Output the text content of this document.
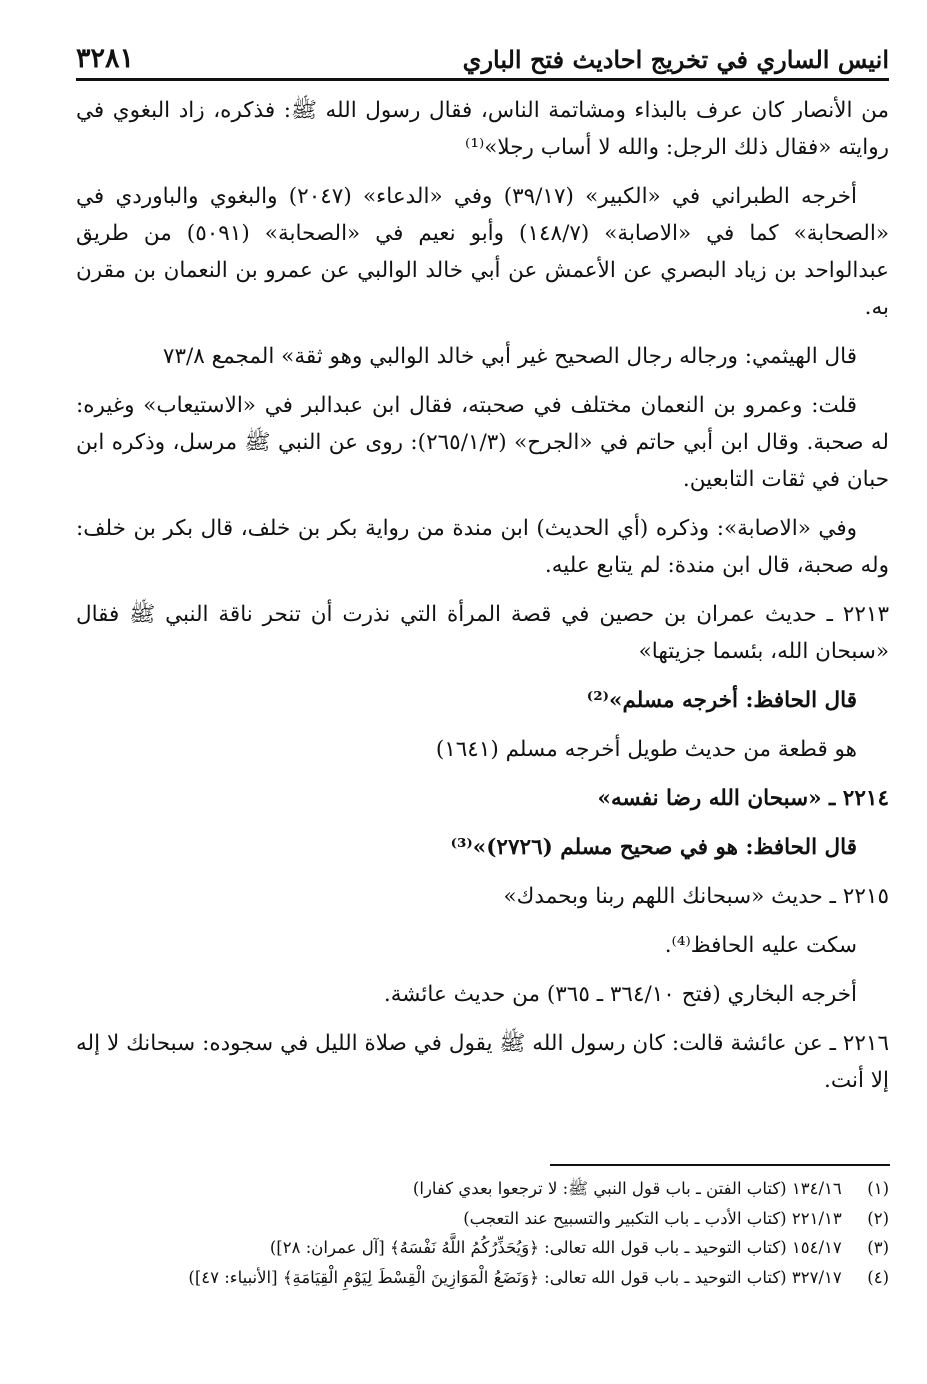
انيس الساري في تخريج احاديث فتح الباري
٣٢٨١

من الأنصار كان عرف بالبذاء ومشاتمة الناس، فقال رسول الله ﷺ: فذكره، زاد البغوي في روايته «فقال ذلك الرجل: والله لا أساب رجلا»⁽¹⁾

أخرجه الطبراني في «الكبير» (٣٩/١٧) وفي «الدعاء» (٢٠٤٧) والبغوي والباوردي في «الصحابة» كما في «الاصابة» (١٤٨/٧) وأبو نعيم في «الصحابة» (٥٠٩١) من طريق عبدالواحد بن زياد البصري عن الأعمش عن أبي خالد الوالبي عن عمرو بن النعمان بن مقرن به.

قال الهيثمي: ورجاله رجال الصحيح غير أبي خالد الوالبي وهو ثقة» المجمع ٧٣/٨

قلت: وعمرو بن النعمان مختلف في صحبته، فقال ابن عبدالبر في «الاستيعاب» وغيره: له صحبة. وقال ابن أبي حاتم في «الجرح» (٢٦٥/١/٣): روى عن النبي ﷺ مرسل، وذكره ابن حبان في ثقات التابعين.

وفي «الاصابة»: وذكره (أي الحديث) ابن مندة من رواية بكر بن خلف، قال بكر بن خلف: وله صحبة، قال ابن مندة: لم يتابع عليه.

٢٢١٣ ـ حديث عمران بن حصين في قصة المرأة التي نذرت أن تنحر ناقة النبي ﷺ فقال «سبحان الله، بئسما جزيتها»

قال الحافظ: أخرجه مسلم»⁽²⁾

هو قطعة من حديث طويل أخرجه مسلم (١٦٤١)

٢٢١٤ ـ «سبحان الله رضا نفسه»

قال الحافظ: هو في صحيح مسلم (٢٧٢٦)»⁽³⁾

٢٢١٥ ـ حديث «سبحانك اللهم ربنا وبحمدك»

سكت عليه الحافظ⁽⁴⁾.

أخرجه البخاري (فتح ٣٦٤/١٠ ـ ٣٦٥) من حديث عائشة.

٢٢١٦ ـ عن عائشة قالت: كان رسول الله ﷺ يقول في صلاة الليل في سجوده: سبحانك لا إله إلا أنت.

(١) ١٣٤/١٦ (كتاب الفتن ـ باب قول النبي ﷺ: لا ترجعوا بعدي كفارا)
(٢) ٢٢١/١٣ (كتاب الأدب ـ باب التكبير والتسبيح عند التعجب)
(٣) ١٥٤/١٧ (كتاب التوحيد ـ باب قول الله تعالى: ﴿وَيُحَذِّرُكُمُ اللَّهُ نَفْسَهُ﴾ [آل عمران: ٢٨])
(٤) ٣٢٧/١٧ (كتاب التوحيد ـ باب قول الله تعالى: ﴿وَنَضَعُ الْمَوَازِينَ الْقِسْطَ لِيَوْمِ الْقِيَامَةِ﴾ [الأنبياء: ٤٧])
